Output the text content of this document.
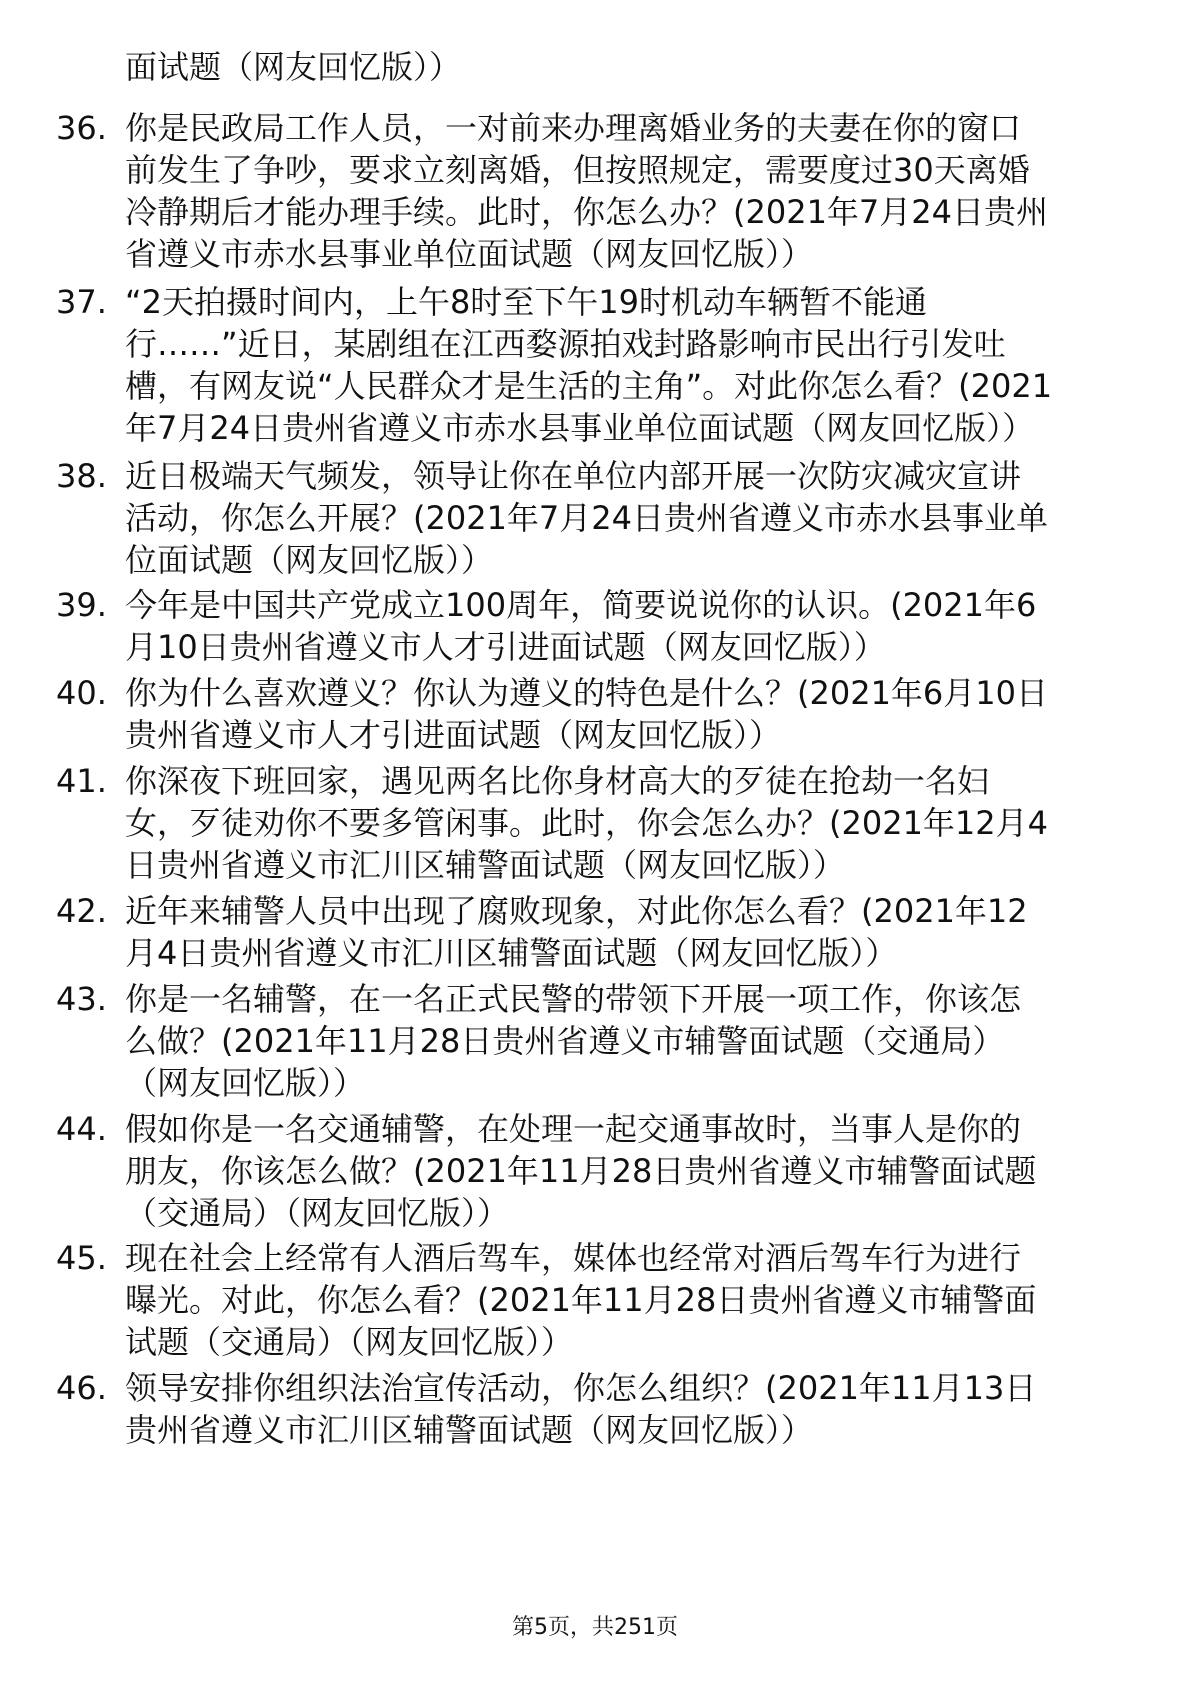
面试题（网友回忆版））
36. 你是民政局工作人员，一对前来办理离婚业务的夫妻在你的窗口
前发生了争吵，要求立刻离婚，但按照规定，需要度过30天离婚
冷静期后才能办理手续。此时，你怎么办？(2021年7月24日贵州
省遵义市赤水县事业单位面试题（网友回忆版））
37. “2天拍摄时间内，上午8时至下午19时机动车辆暂不能通
行……”近日，某剧组在江西婺源拍戏封路影响市民出行引发吐
槽，有网友说“人民群众才是生活的主角”。对此你怎么看？(2021
年7月24日贵州省遵义市赤水县事业单位面试题（网友回忆版））
38. 近日极端天气频发，领导让你在单位内部开展一次防灾减灾宣讲
活动，你怎么开展？(2021年7月24日贵州省遵义市赤水县事业单
位面试题（网友回忆版））
39. 今年是中国共产党成立100周年，简要说说你的认识。(2021年6
月10日贵州省遵义市人才引进面试题（网友回忆版））
40. 你为什么喜欢遵义？你认为遵义的特色是什么？(2021年6月10日
贵州省遵义市人才引进面试题（网友回忆版））
41. 你深夜下班回家，遇见两名比你身材高大的歹徒在抢劫一名妇
女，歹徒劝你不要多管闲事。此时，你会怎么办？(2021年12月4
日贵州省遵义市汇川区辅警面试题（网友回忆版））
42. 近年来辅警人员中出现了腐败现象，对此你怎么看？(2021年12
月4日贵州省遵义市汇川区辅警面试题（网友回忆版））
43. 你是一名辅警，在一名正式民警的带领下开展一项工作，你该怎
么做？(2021年11月28日贵州省遵义市辅警面试题（交通局）
（网友回忆版））
44. 假如你是一名交通辅警，在处理一起交通事故时，当事人是你的
朋友，你该怎么做？(2021年11月28日贵州省遵义市辅警面试题
（交通局）（网友回忆版））
45. 现在社会上经常有人酒后驾车，媒体也经常对酒后驾车行为进行
曝光。对此，你怎么看？(2021年11月28日贵州省遵义市辅警面
试题（交通局）（网友回忆版））
46. 领导安排你组织法治宣传活动，你怎么组织？(2021年11月13日
贵州省遵义市汇川区辅警面试题（网友回忆版））
第5页，共251页
